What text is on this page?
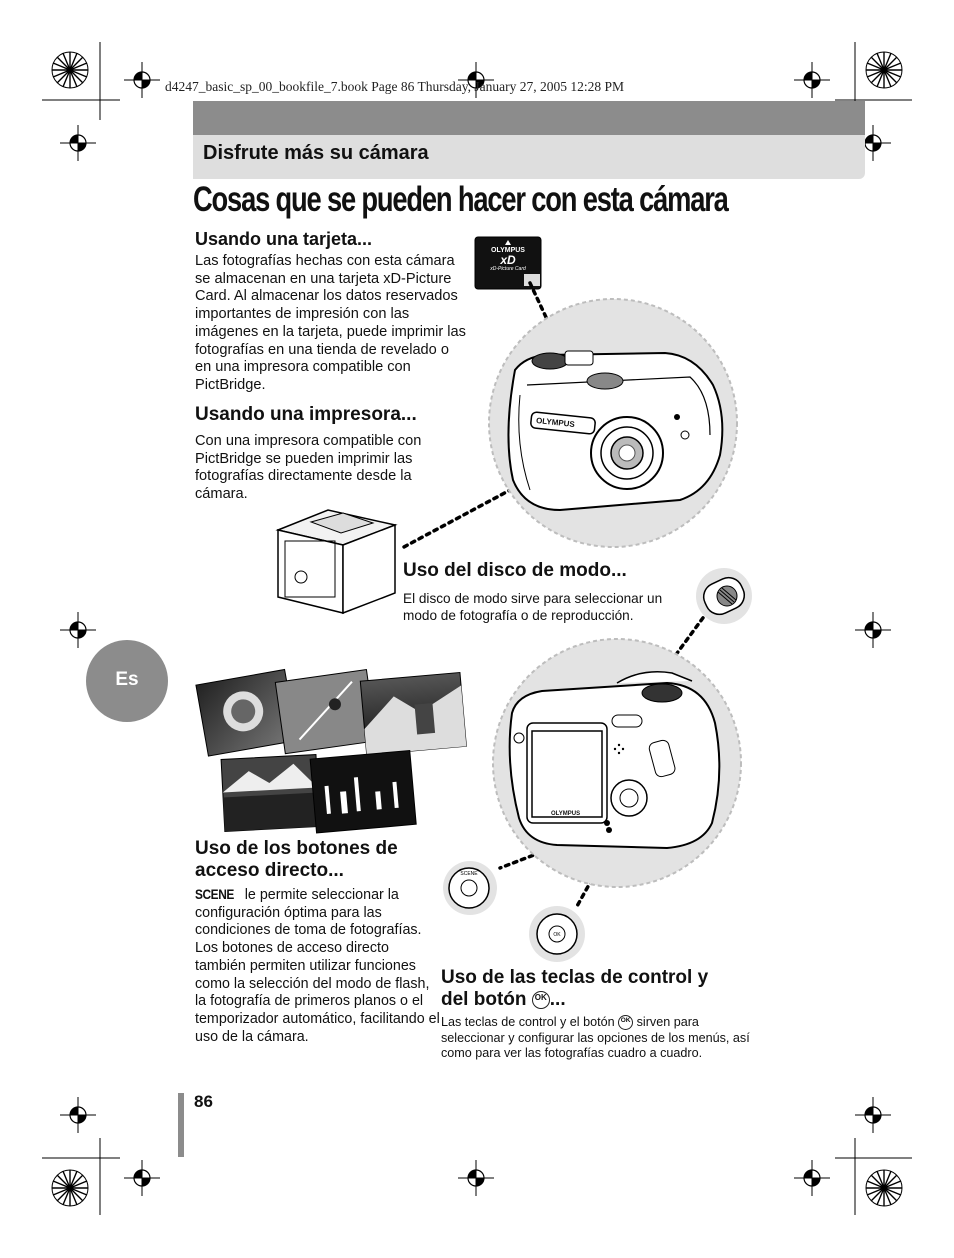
d4247_basic_sp_00_bookfile_7.book Page 86 Thursday, January 27, 2005 12:28 PM
Disfrute más su cámara
Cosas que se pueden hacer con esta cámara
Es
Usando una tarjeta...

Las fotografías hechas con esta cámara se almacenan en una tarjeta xD-Picture Card. Al almacenar los datos reservados importantes de impresión con las imágenes en la tarjeta, puede imprimir las fotografías en una tienda de revelado o en una impresora compatible con PictBridge.

OLYMPUS
xD
xD-Picture Card
Usando una impresora...

Con una impresora compatible con PictBridge se pueden imprimir las fotografías directamente desde la cámara.

OLYMPUS
Uso del disco de modo...

El disco de modo sirve para seleccionar un modo de fotografía o de reproducción.

OLYMPUS
SCENE
OK
Uso de los botones de
acceso directo...

SCENE le permite seleccionar la configuración óptima para las condiciones de toma de fotografías. Los botones de acceso directo también permiten utilizar funciones como la selección del modo de flash, la fotografía de primeros planos o el temporizador automático, facilitando el uso de la cámara.

Uso de las teclas de control y
del botón OK ...

Las teclas de control y el botón OK sirven para seleccionar y configurar las opciones de los menús, así como para ver las fotografías cuadro a cuadro.

86
